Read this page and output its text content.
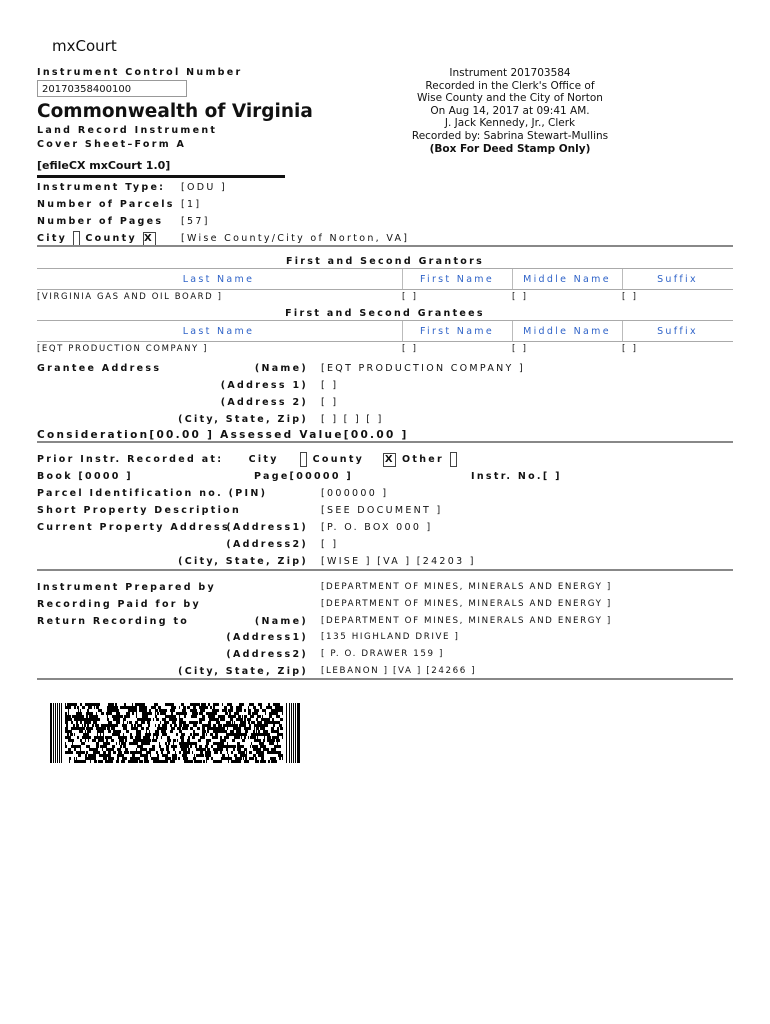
mxCourt
Instrument Control Number
20170358400100
Commonwealth of Virginia
Land Record Instrument
Cover Sheet–Form A
[efileCX mxCourt 1.0]
Instrument 201703584
Recorded in the Clerk's Office of
Wise County and the City of Norton
On Aug 14, 2017 at 09:41 AM.
J. Jack Kennedy, Jr., Clerk
Recorded by: Sabrina Stewart-Mullins
(Box For Deed Stamp Only)
Instrument Type: [ODU ]
Number of Parcels [1]
Number of Pages [57]
City County X	[Wise County/City of Norton, VA]
First and Second Grantors
Last Name	First Name	Middle Name	Suffix
[VIRGINIA GAS AND OIL BOARD ]	[ ]	[ ]	[ ]
First and Second Grantees
Last Name	First Name	Middle Name	Suffix
[EQT PRODUCTION COMPANY ]	[ ]	[ ]	[ ]
Grantee Address	(Name) [EQT PRODUCTION COMPANY ]
(Address 1) [ ]
(Address 2) [ ]
(City, State, Zip) [ ] [ ] [ ]
Consideration[00.00 ] Assessed Value[00.00 ]
Prior Instr. Recorded at:	City	County X Other
Book [0000 ]	Page[00000 ]	Instr. No.[ ]
Parcel Identification no. (PIN)	[000000 ]
Short Property Description	[SEE DOCUMENT ]
Current Property Address
(Address1) [P. O. BOX 000 ]
(Address2) [ ]
(City, State, Zip) [WISE ] [VA ] [24203 ]
Instrument Prepared by	[DEPARTMENT OF MINES, MINERALS AND ENERGY ]
Recording Paid for by	[DEPARTMENT OF MINES, MINERALS AND ENERGY ]
Return Recording to	(Name) [DEPARTMENT OF MINES, MINERALS AND ENERGY ]
(Address1) [135 HIGHLAND DRIVE ]
(Address2) [ P. O. DRAWER 159 ]
(City, State, Zip) [LEBANON ] [VA ] [24266 ]
